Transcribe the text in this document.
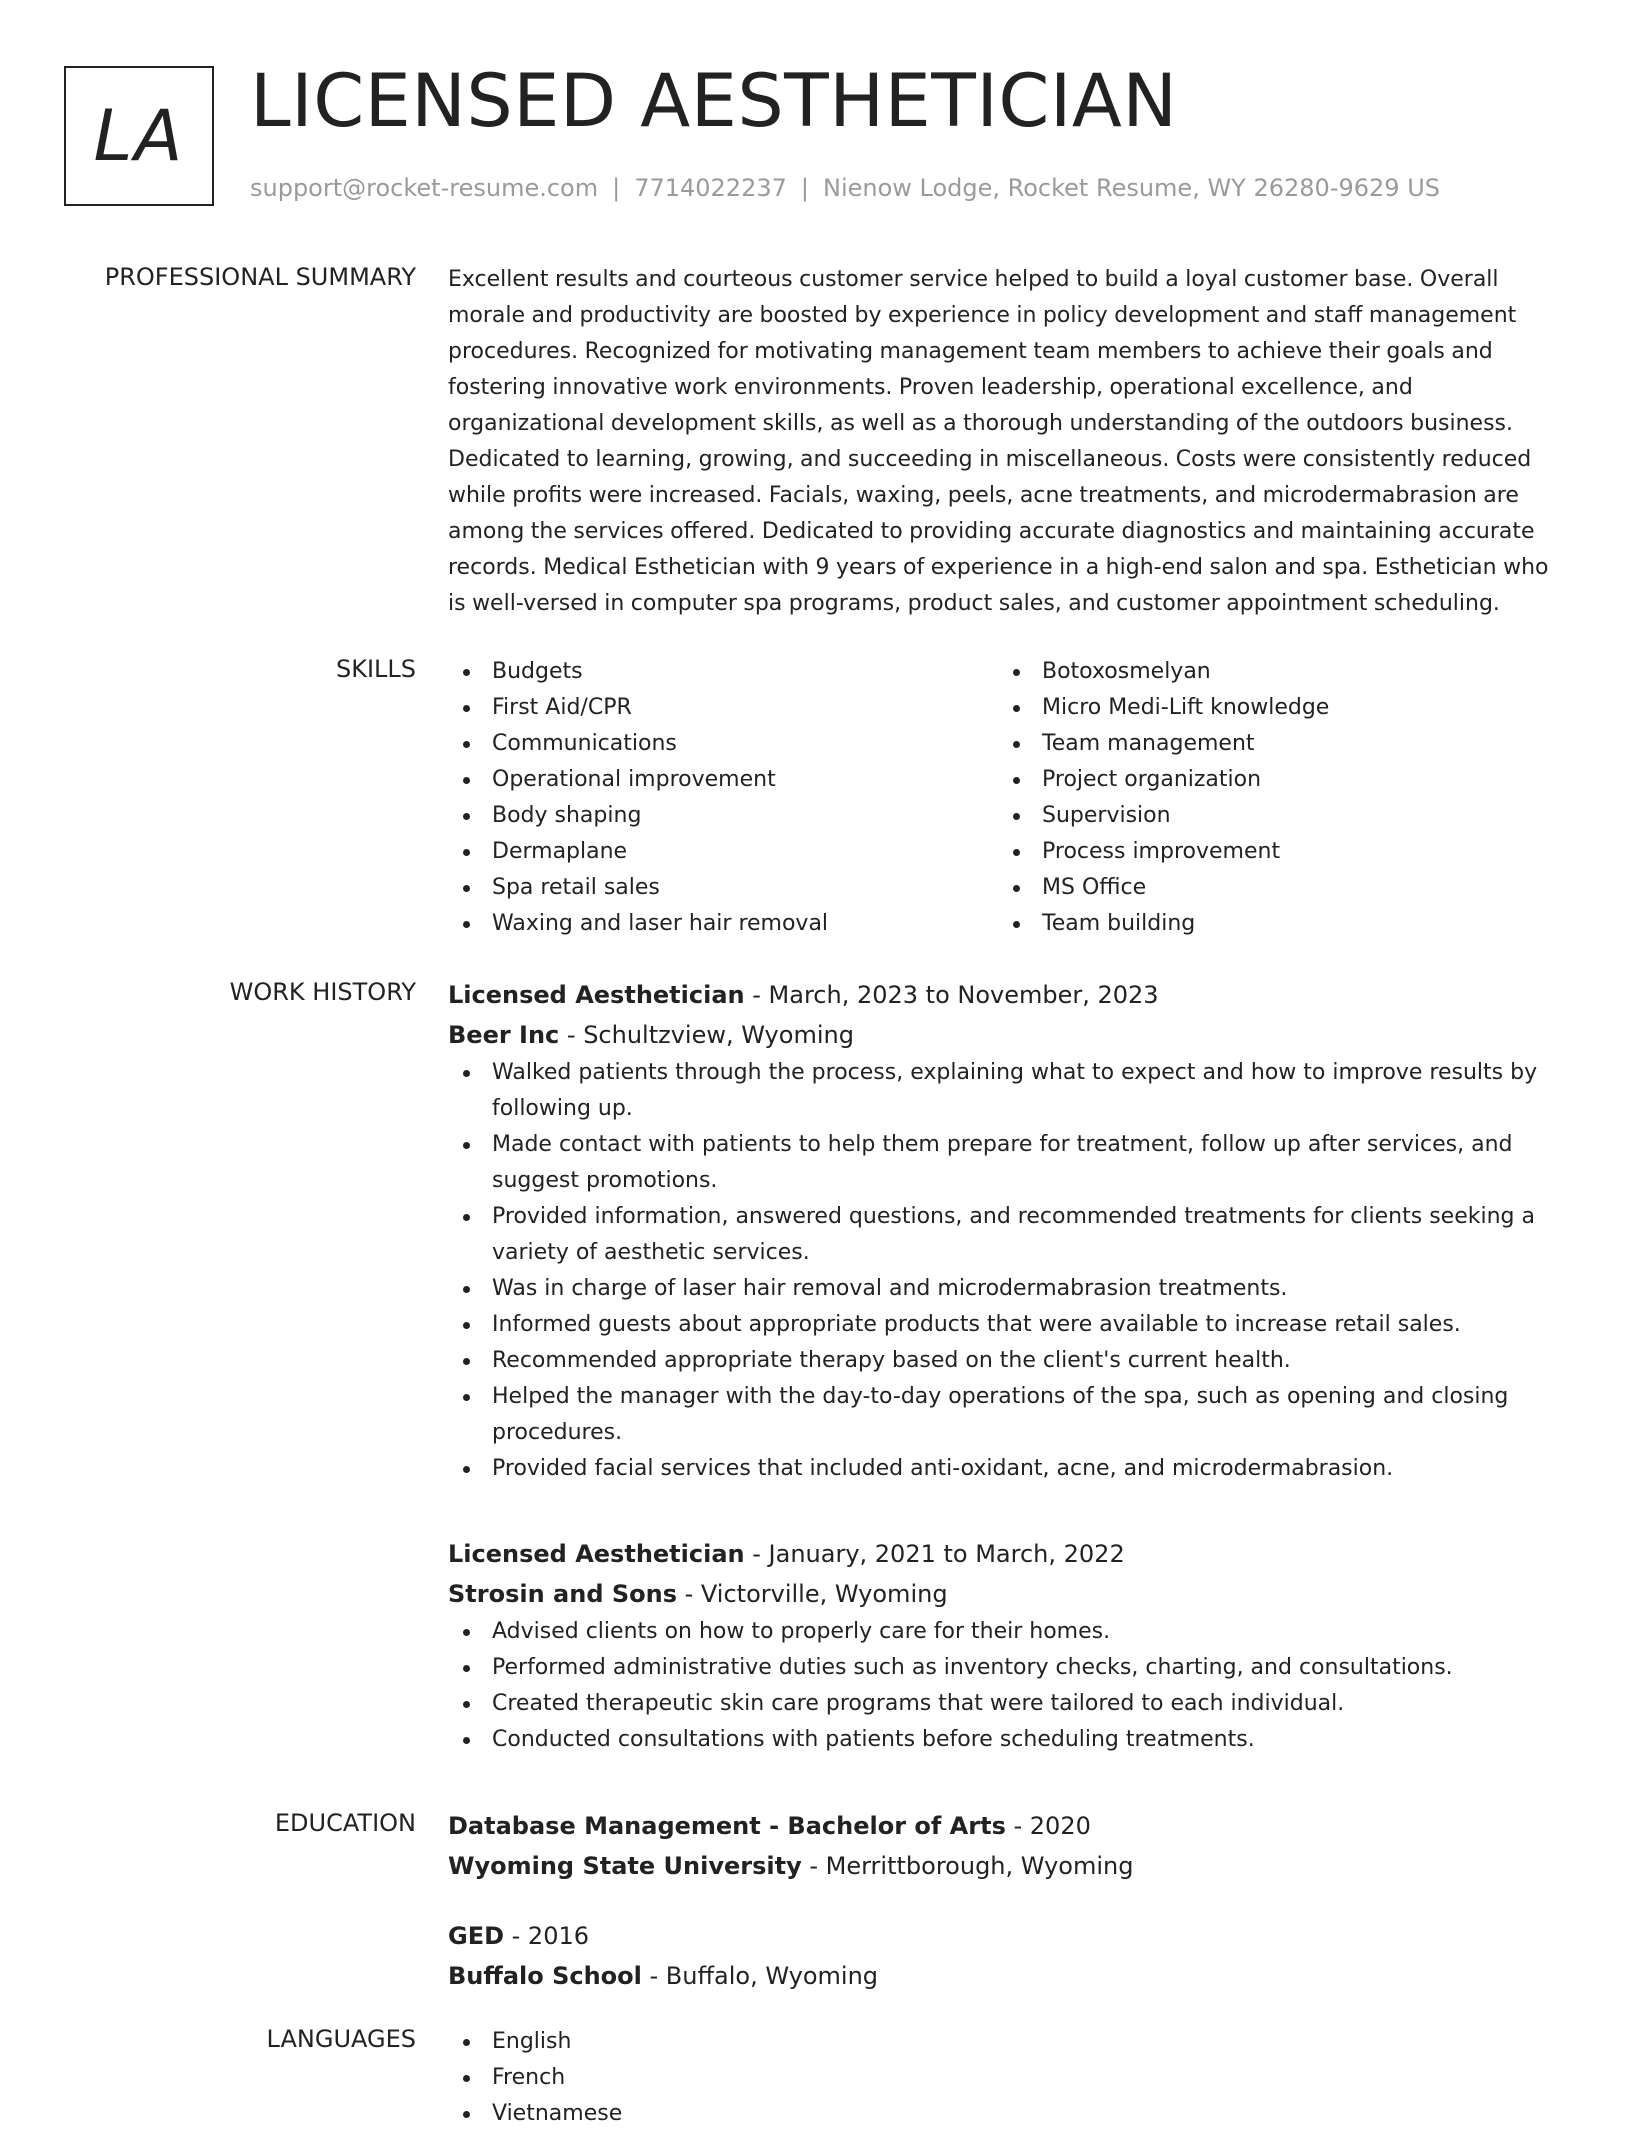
LA LICENSED AESTHETICIAN
support@rocket-resume.com | 7714022237 | Nienow Lodge, Rocket Resume, WY 26280-9629 US
PROFESSIONAL SUMMARY Excellent results and courteous customer service helped to build a loyal customer base. Overall morale and productivity are boosted by experience in policy development and staff management procedures. Recognized for motivating management team members to achieve their goals and fostering innovative work environments. Proven leadership, operational excellence, and organizational development skills, as well as a thorough understanding of the outdoors business. Dedicated to learning, growing, and succeeding in miscellaneous. Costs were consistently reduced while profits were increased. Facials, waxing, peels, acne treatments, and microdermabrasion are among the services offered. Dedicated to providing accurate diagnostics and maintaining accurate records. Medical Esthetician with 9 years of experience in a high-end salon and spa. Esthetician who is well-versed in computer spa programs, product sales, and customer appointment scheduling.

SKILLS	Budgets
First Aid/CPR
Communications
Operational improvement
Body shaping
Dermaplane
Spa retail sales
Waxing and laser hair removal
Botoxosmelyan
Micro Medi-Lift knowledge
Team management
Project organization
Supervision
Process improvement
MS Office
Team building
WORK HISTORY Licensed Aesthetician - March, 2023 to November, 2023
Beer Inc - Schultzview, Wyoming
Walked patients through the process, explaining what to expect and how to improve results by following up.
Made contact with patients to help them prepare for treatment, follow up after services, and suggest promotions.
Provided information, answered questions, and recommended treatments for clients seeking a variety of aesthetic services.
Was in charge of laser hair removal and microdermabrasion treatments.
Informed guests about appropriate products that were available to increase retail sales.
Recommended appropriate therapy based on the client's current health.
Helped the manager with the day-to-day operations of the spa, such as opening and closing procedures.
Provided facial services that included anti-oxidant, acne, and microdermabrasion.
Licensed Aesthetician - January, 2021 to March, 2022
Strosin and Sons - Victorville, Wyoming
Advised clients on how to properly care for their homes.
Performed administrative duties such as inventory checks, charting, and consultations.
Created therapeutic skin care programs that were tailored to each individual.
Conducted consultations with patients before scheduling treatments.
EDUCATION Database Management - Bachelor of Arts - 2020
Wyoming State University - Merrittborough, Wyoming
GED - 2016
Buffalo School - Buffalo, Wyoming
LANGUAGES	English
French
Vietnamese
